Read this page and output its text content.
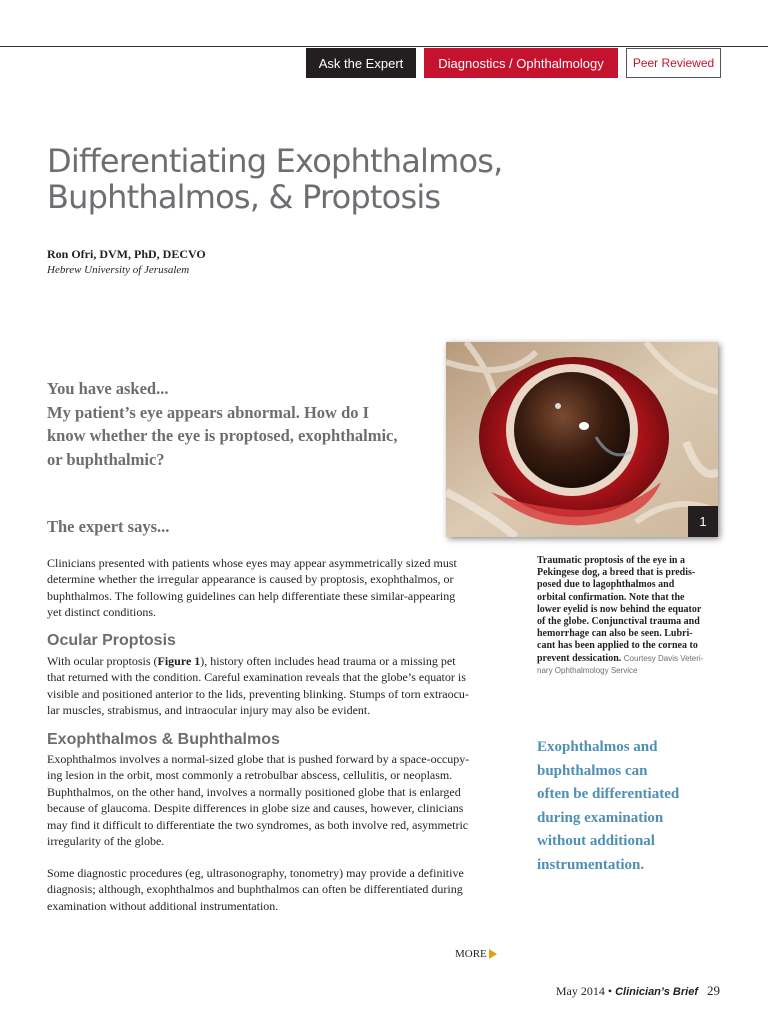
Ask the Expert	Diagnostics / Ophthalmology	Peer Reviewed
Differentiating Exophthalmos,
Buphthalmos, & Proptosis
Ron Ofri, DVM, PhD, DECVO
Hebrew University of Jerusalem

You have asked...
My patient’s eye appears abnormal. How do I
know whether the eye is proptosed, exophthalmic,
or buphthalmic?

The expert says...

Clinicians presented with patients whose eyes may appear asymmetrically sized must
determine whether the irregular appearance is caused by proptosis, exophthalmos, or
buphthalmos. The following guidelines can help differentiate these similar-appearing
yet distinct conditions.

Ocular Proptosis

With ocular proptosis (Figure 1), history often includes head trauma or a missing pet
that returned with the condition. Careful examination reveals that the globe’s equator is
visible and positioned anterior to the lids, preventing blinking. Stumps of torn extraocu-
lar muscles, strabismus, and intraocular injury may also be evident.

Exophthalmos & Buphthalmos

Exophthalmos involves a normal-sized globe that is pushed forward by a space-occupy-
ing lesion in the orbit, most commonly a retrobulbar abscess, cellulitis, or neoplasm.
Buphthalmos, on the other hand, involves a normally positioned globe that is enlarged
because of glaucoma. Despite differences in globe size and causes, however, clinicians
may find it difficult to differentiate the two syndromes, as both involve red, asymmetric
irregularity of the globe.

Some diagnostic procedures (eg, ultrasonography, tonometry) may provide a definitive
diagnosis; although, exophthalmos and buphthalmos can often be differentiated during
examination without additional instrumentation.

1

Traumatic proptosis of the eye in a
Pekingese dog, a breed that is predis-
posed due to lagophthalmos and
orbital confirmation. Note that the
lower eyelid is now behind the equator
of the globe. Conjunctival trauma and
hemorrhage can also be seen. Lubri-
cant has been applied to the cornea to
prevent dessication. Courtesy Davis Veteri-
nary Ophthalmology Service

Exophthalmos and
buphthalmos can
often be differentiated
during examination
without additional
instrumentation.

MORE
May 2014 • Clinician’s Brief 29
